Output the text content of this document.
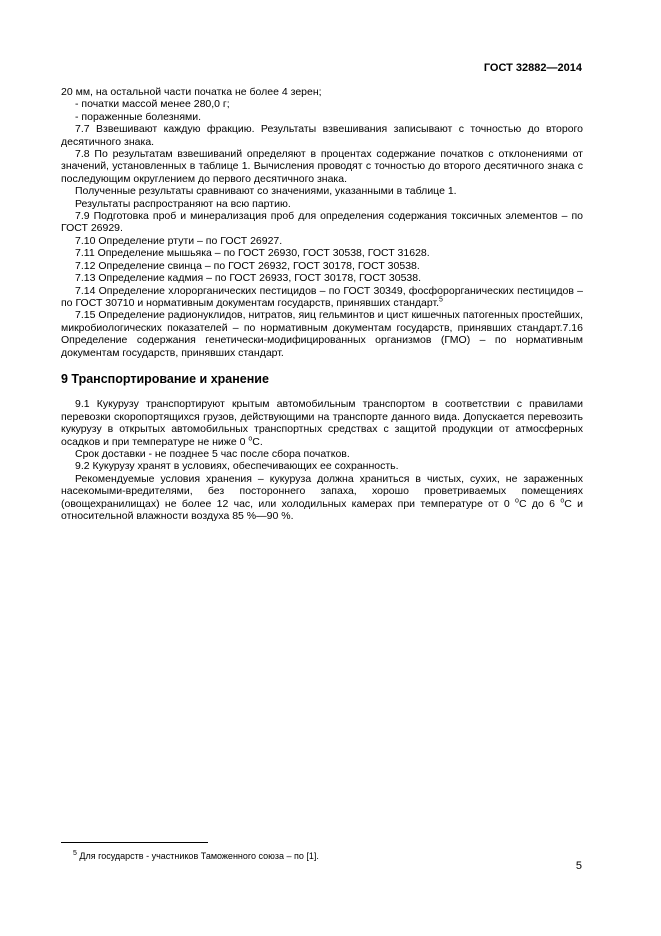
ГОСТ 32882—2014

20 мм, на остальной части початка не более 4 зерен;

- початки массой менее 280,0 г;

- пораженные болезнями.

7.7 Взвешивают каждую фракцию. Результаты взвешивания записывают с точностью до второго десятичного знака.

7.8 По результатам взвешиваний определяют в процентах содержание початков с отклонениями от значений, установленных в таблице 1. Вычисления проводят с точностью до второго десятичного знака с последующим округлением до первого десятичного знака.

Полученные результаты сравнивают со значениями, указанными в таблице 1.

Результаты распространяют на всю партию.

7.9 Подготовка проб и минерализация проб для определения содержания токсичных элементов – по ГОСТ 26929.

7.10 Определение ртути – по ГОСТ 26927.

7.11 Определение мышьяка – по ГОСТ 26930, ГОСТ 30538, ГОСТ 31628.

7.12 Определение свинца – по ГОСТ 26932, ГОСТ 30178, ГОСТ 30538.

7.13 Определение кадмия – по ГОСТ 26933, ГОСТ 30178, ГОСТ 30538.

7.14 Определение хлорорганических пестицидов – по ГОСТ 30349, фосфорорганических пестицидов – по ГОСТ 30710 и нормативным документам государств, принявших стандарт.$^5$

7.15 Определение радионуклидов, нитратов, яиц гельминтов и цист кишечных патогенных простейших, микробиологических показателей – по нормативным документам государств, принявших стандарт.7.16 Определение содержания генетически-модифицированных организмов (ГМО) – по нормативным документам государств, принявших стандарт.

9 Транспортирование и хранение

9.1 Кукурузу транспортируют крытым автомобильным транспортом в соответствии с правилами перевозки скоропортящихся грузов, действующими на транспорте данного вида. Допускается перевозить кукурузу в открытых автомобильных транспортных средствах с защитой продукции от атмосферных осадков и при температуре не ниже 0 $^о$С.

Срок доставки - не позднее 5 час после сбора початков.

9.2 Кукурузу хранят в условиях, обеспечивающих ее сохранность.

Рекомендуемые условия хранения – кукуруза должна храниться в чистых, сухих, не зараженных насекомыми-вредителями, без постороннего запаха, хорошо проветриваемых помещениях (овощехранилищах) не более 12 час, или холодильных камерах при температуре от 0 $^о$С до 6 $^о$С и относительной влажности воздуха 85 %—90 %.

$^5$ Для государств - участников Таможенного союза – по [1].
5
